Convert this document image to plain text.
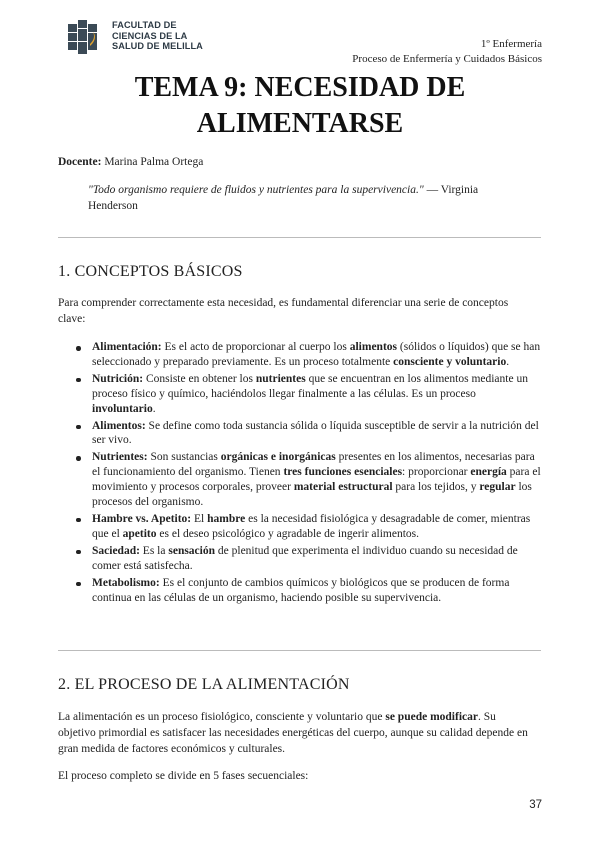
FACULTAD DE
CIENCIAS DE LA
SALUD DE MELILLA	1º Enfermería
Proceso de Enfermería y Cuidados Básicos
TEMA 9: NECESIDAD DE
ALIMENTARSE
Docente: Marina Palma Ortega
"Todo organismo requiere de fluidos y nutrientes para la supervivencia." — Virginia Henderson
1. CONCEPTOS BÁSICOS
Para comprender correctamente esta necesidad, es fundamental diferenciar una serie de conceptos clave:
Alimentación: Es el acto de proporcionar al cuerpo los alimentos (sólidos o líquidos) que se han seleccionado y preparado previamente. Es un proceso totalmente consciente y voluntario.
Nutrición: Consiste en obtener los nutrientes que se encuentran en los alimentos mediante un proceso físico y químico, haciéndolos llegar finalmente a las células. Es un proceso involuntario.
Alimentos: Se define como toda sustancia sólida o líquida susceptible de servir a la nutrición del ser vivo.
Nutrientes: Son sustancias orgánicas e inorgánicas presentes en los alimentos, necesarias para el funcionamiento del organismo. Tienen tres funciones esenciales: proporcionar energía para el movimiento y procesos corporales, proveer material estructural para los tejidos, y regular los procesos del organismo.
Hambre vs. Apetito: El hambre es la necesidad fisiológica y desagradable de comer, mientras que el apetito es el deseo psicológico y agradable de ingerir alimentos.
Saciedad: Es la sensación de plenitud que experimenta el individuo cuando su necesidad de comer está satisfecha.
Metabolismo: Es el conjunto de cambios químicos y biológicos que se producen de forma continua en las células de un organismo, haciendo posible su supervivencia.
2. EL PROCESO DE LA ALIMENTACIÓN
La alimentación es un proceso fisiológico, consciente y voluntario que se puede modificar. Su objetivo primordial es satisfacer las necesidades energéticas del cuerpo, aunque su calidad depende en gran medida de factores económicos y culturales.
El proceso completo se divide en 5 fases secuenciales:
37
